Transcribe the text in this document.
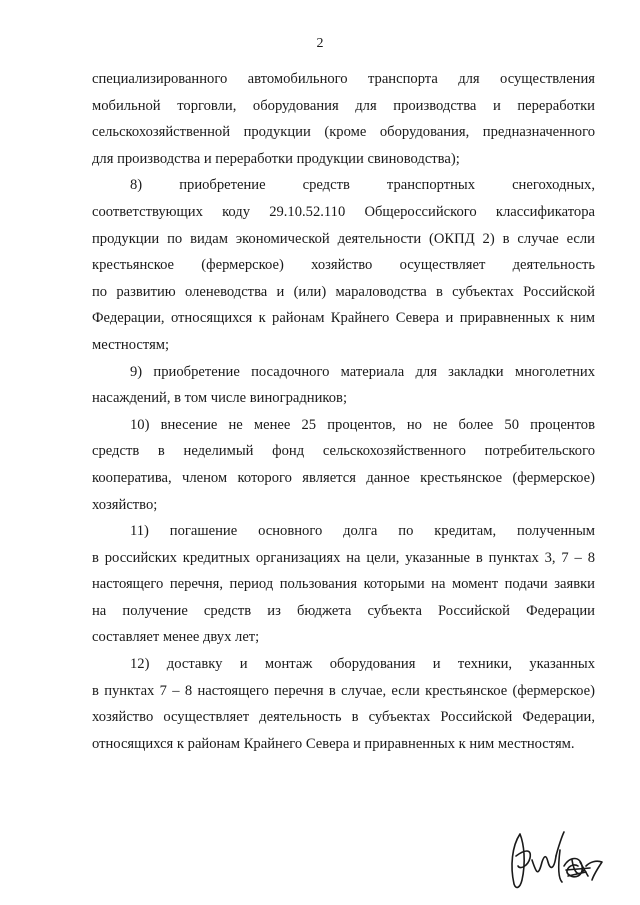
2
специализированного автомобильного транспорта для осуществления
мобильной торговли, оборудования для производства и переработки
сельскохозяйственной продукции (кроме оборудования, предназначенного
для производства и переработки продукции свиноводства);
8) приобретение средств транспортных снегоходных,
соответствующих коду 29.10.52.110 Общероссийского классификатора
продукции по видам экономической деятельности (ОКПД 2) в случае если
крестьянское (фермерское) хозяйство осуществляет деятельность
по развитию оленеводства и (или) мараловодства в субъектах Российской
Федерации, относящихся к районам Крайнего Севера и приравненных к ним
местностям;
9) приобретение посадочного материала для закладки многолетних
насаждений, в том числе виноградников;
10) внесение не менее 25 процентов, но не более 50 процентов
средств в неделимый фонд сельскохозяйственного потребительского
кооператива, членом которого является данное крестьянское (фермерское)
хозяйство;
11) погашение основного долга по кредитам, полученным
в российских кредитных организациях на цели, указанные в пунктах 3, 7 – 8
настоящего перечня, период пользования которыми на момент подачи заявки
на получение средств из бюджета субъекта Российской Федерации
составляет менее двух лет;
12) доставку и монтаж оборудования и техники, указанных
в пунктах 7 – 8 настоящего перечня в случае, если крестьянское (фермерское)
хозяйство осуществляет деятельность в субъектах Российской Федерации,
относящихся к районам Крайнего Севера и приравненных к ним местностям.
